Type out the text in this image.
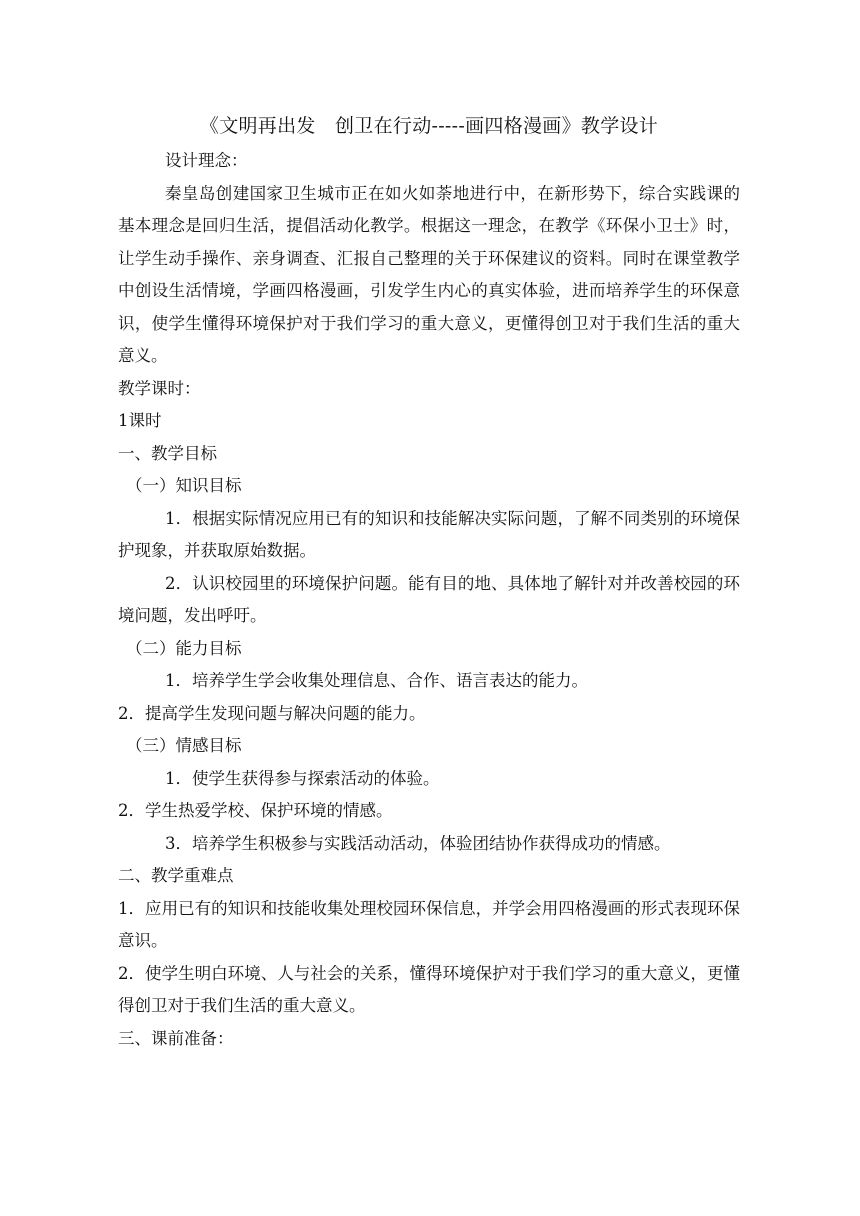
《文明再出发　创卫在行动-----画四格漫画》教学设计

设计理念：

秦皇岛创建国家卫生城市正在如火如荼地进行中，在新形势下，综合实践课的基本理念是回归生活，提倡活动化教学。根据这一理念，在教学《环保小卫士》时，让学生动手操作、亲身调查、汇报自己整理的关于环保建议的资料。同时在课堂教学中创设生活情境，学画四格漫画，引发学生内心的真实体验，进而培养学生的环保意识，使学生懂得环境保护对于我们学习的重大意义，更懂得创卫对于我们生活的重大意义。

教学课时：

1课时

一、教学目标

（一）知识目标

1．根据实际情况应用已有的知识和技能解决实际问题，了解不同类别的环境保护现象，并获取原始数据。

2．认识校园里的环境保护问题。能有目的地、具体地了解针对并改善校园的环境问题，发出呼吁。

（二）能力目标

1．培养学生学会收集处理信息、合作、语言表达的能力。

2．提高学生发现问题与解决问题的能力。

（三）情感目标

1．使学生获得参与探索活动的体验。

2．学生热爱学校、保护环境的情感。

3．培养学生积极参与实践活动活动，体验团结协作获得成功的情感。

二、教学重难点

1．应用已有的知识和技能收集处理校园环保信息，并学会用四格漫画的形式表现环保意识。

2．使学生明白环境、人与社会的关系，懂得环境保护对于我们学习的重大意义，更懂得创卫对于我们生活的重大意义。

三、课前准备：
